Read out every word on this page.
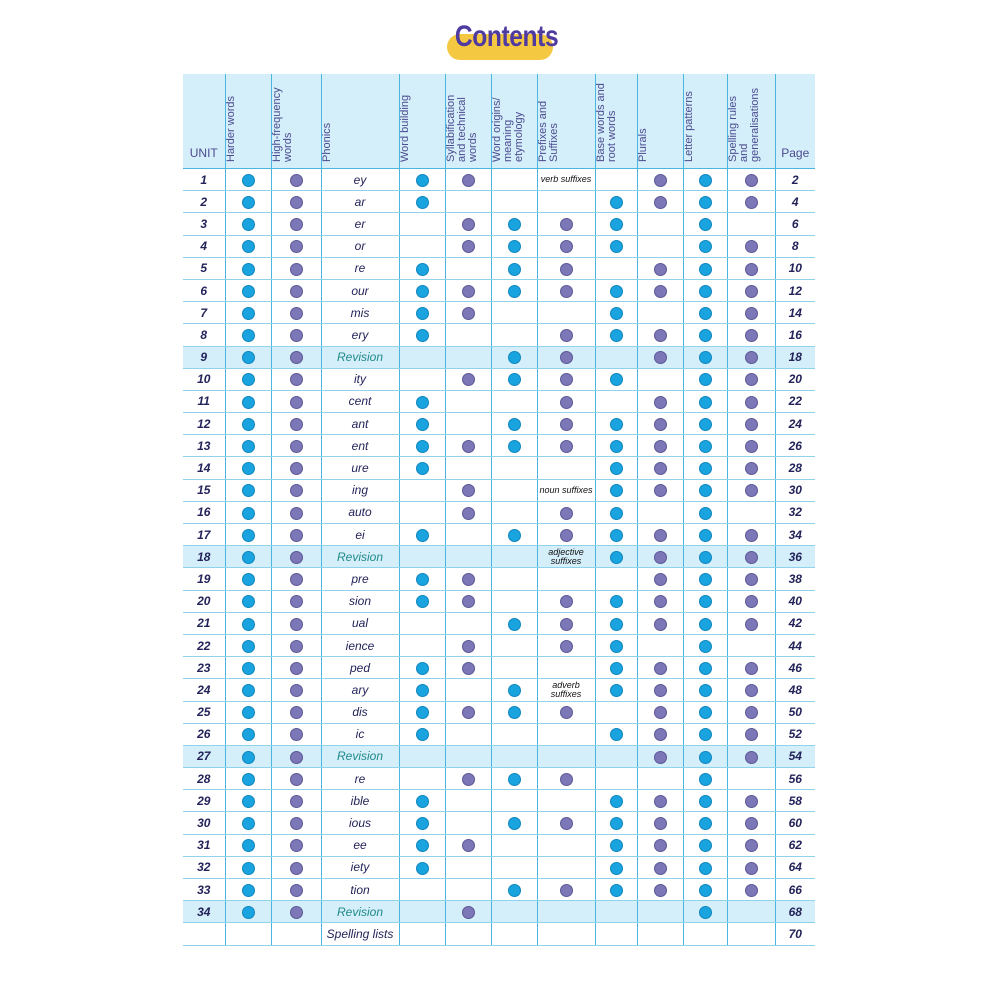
Contents
UNIT	Harder words	High-frequency words	Phonics	Word building	Syllabification and technical words	Word origins/ meaning etymology	Prefixes and Suffixes	Base words and root words	Plurals	Letter patterns	Spelling rules and generalisations	Page

1			ey				verb suffixes					2
2			ar									4
3			er									6
4			or									8
5			re									10
6			our									12
7			mis									14
8			ery									16
9			Revision									18
10			ity									20
11			cent									22
12			ant									24
13			ent									26
14			ure									28
15			ing				noun suffixes					30
16			auto									32
17			ei									34
18			Revision				adjective suffixes					36
19			pre									38
20			sion									40
21			ual									42
22			ience									44
23			ped									46
24			ary				adverb suffixes					48
25			dis									50
26			ic									52
27			Revision									54
28			re									56
29			ible									58
30			ious									60
31			ee									62
32			iety									64
33			tion									66
34			Revision									68
			Spelling lists									70
